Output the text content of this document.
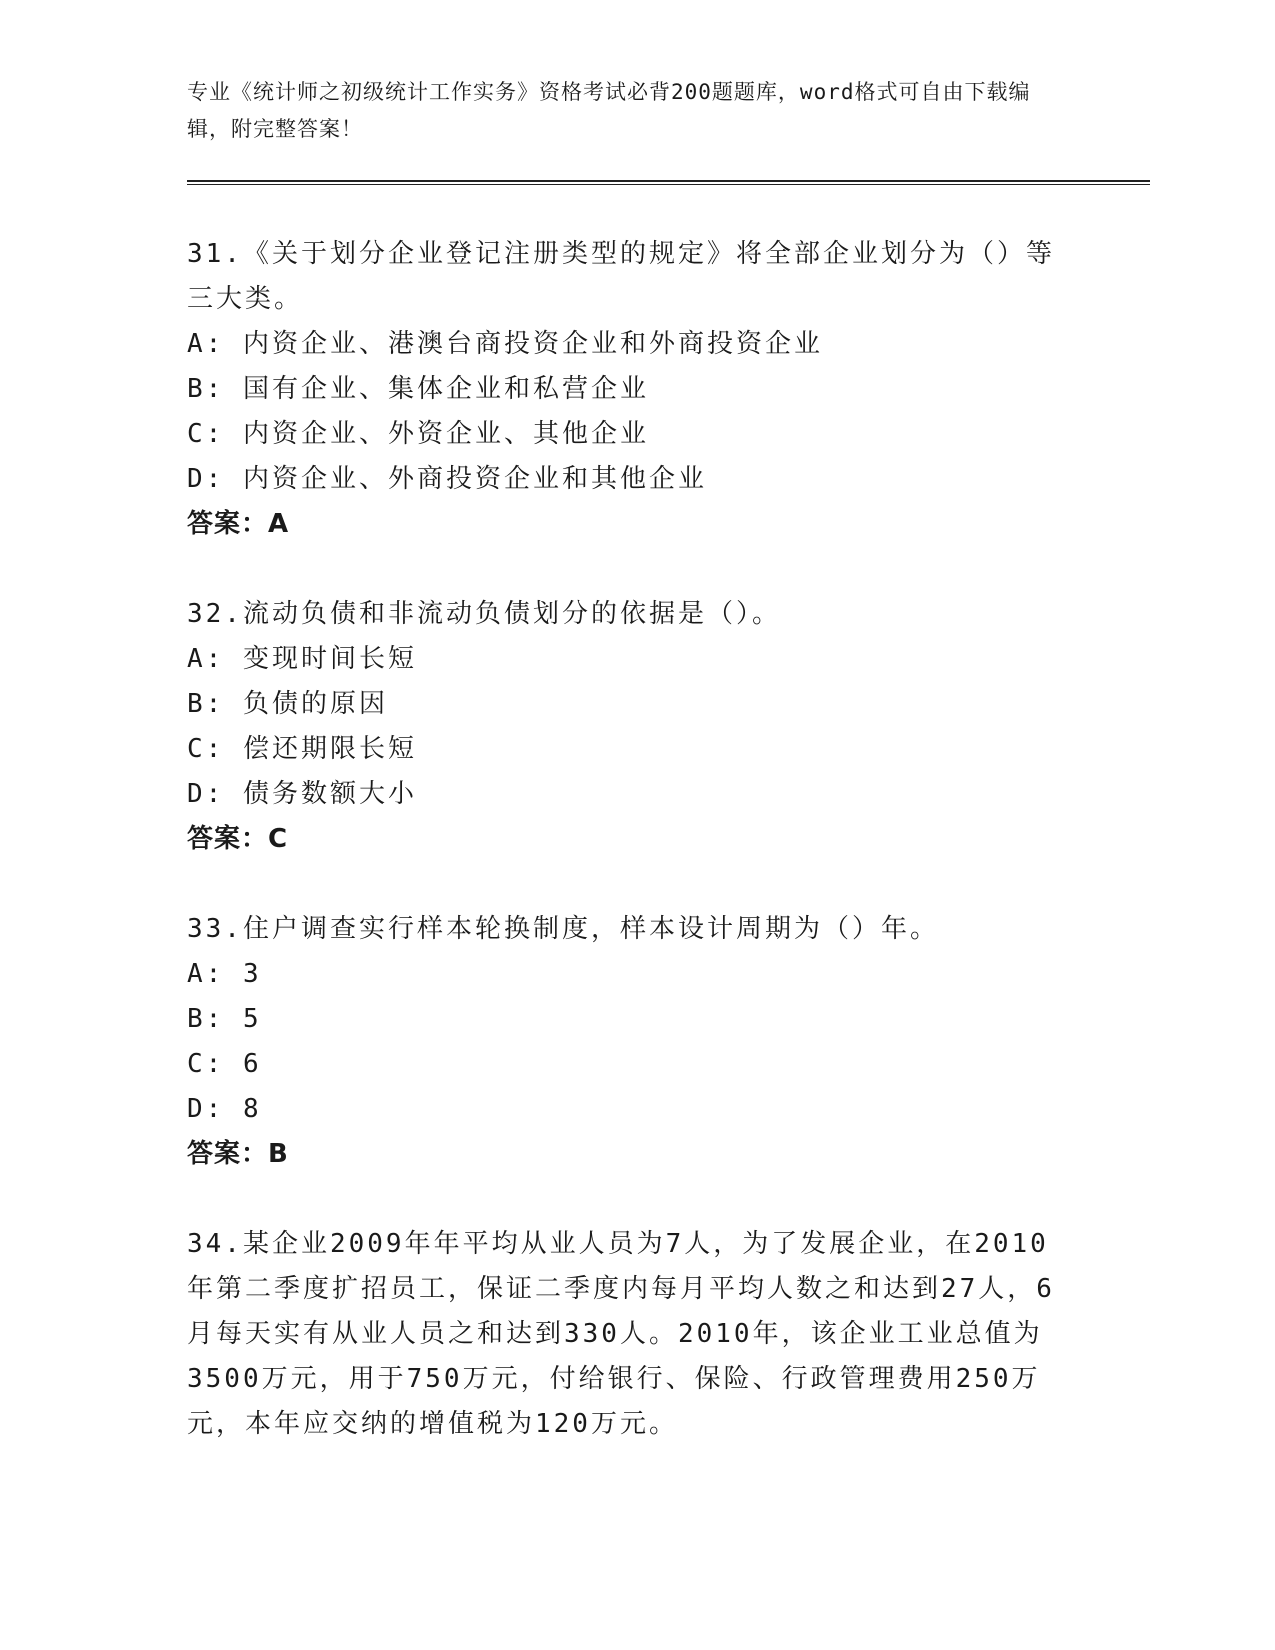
专业《统计师之初级统计工作实务》资格考试必背200题题库，word格式可自由下载编辑，附完整答案！
31.《关于划分企业登记注册类型的规定》将全部企业划分为（）等三大类。
A: 内资企业、港澳台商投资企业和外商投资企业
B: 国有企业、集体企业和私营企业
C: 内资企业、外资企业、其他企业
D: 内资企业、外商投资企业和其他企业
答案：A
32.流动负债和非流动负债划分的依据是（）。
A: 变现时间长短
B: 负债的原因
C: 偿还期限长短
D: 债务数额大小
答案：C
33.住户调查实行样本轮换制度，样本设计周期为（）年。
A: 3
B: 5
C: 6
D: 8
答案：B
34.某企业2009年年平均从业人员为7人，为了发展企业，在2010年第二季度扩招员工，保证二季度内每月平均人数之和达到27人，6月每天实有从业人员之和达到330人。2010年，该企业工业总值为3500万元，用于750万元，付给银行、保险、行政管理费用250万元，本年应交纳的增值税为120万元。
